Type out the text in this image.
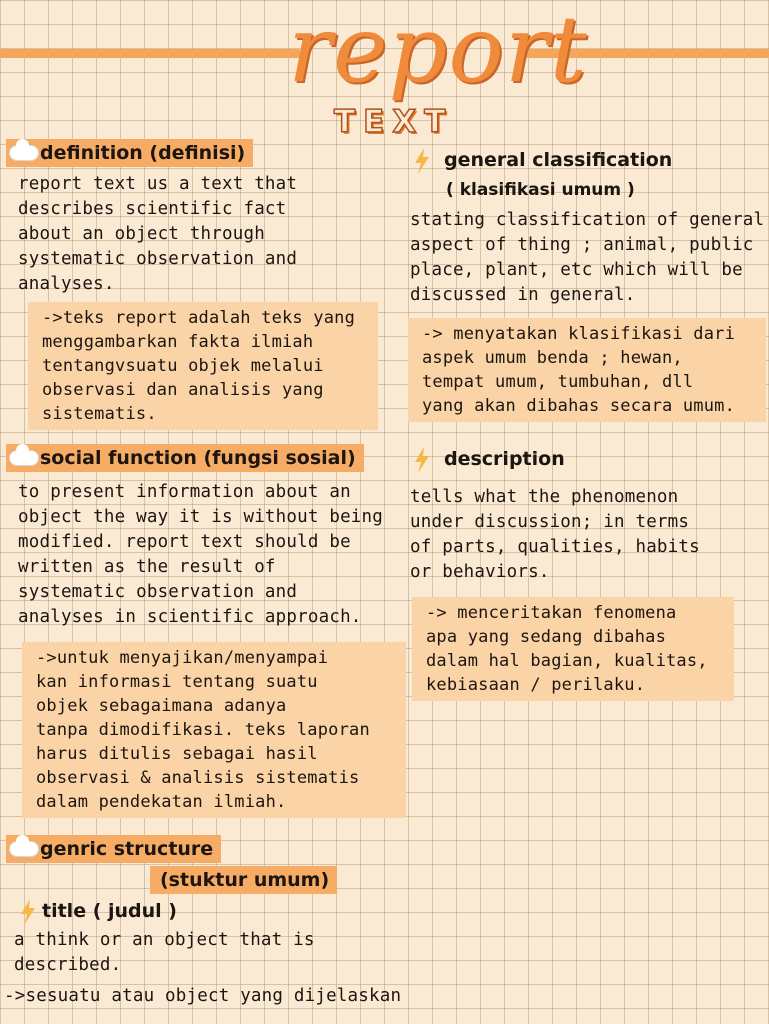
report
TEXT
definition (definisi)
report text us a text that
describes scientific fact
about an object through
systematic observation and
analyses.
->teks report adalah teks yang
menggambarkan fakta ilmiah
tentangvsuatu objek melalui
observasi dan analisis yang
sistematis.
social function (fungsi sosial)
to present information about an
object the way it is without being
modified. report text should be
written as the result of
systematic observation and
analyses in scientific approach.
->untuk menyajikan/menyampai
kan informasi tentang suatu
objek sebagaimana adanya
tanpa dimodifikasi. teks laporan
harus ditulis sebagai hasil
observasi & analisis sistematis
dalam pendekatan ilmiah.
genric structure
(stuktur umum)
title ( judul )
a think or an object that is
described.
->sesuatu atau object yang dijelaskan
general classification
( klasifikasi umum )
stating classification of general
aspect of thing ; animal, public
place, plant, etc which will be
discussed in general.
-> menyatakan klasifikasi dari
aspek umum benda ; hewan,
tempat umum, tumbuhan, dll
yang akan dibahas secara umum.
description
tells what the phenomenon
under discussion; in terms
of parts, qualities, habits
or behaviors.
-> menceritakan fenomena
apa yang sedang dibahas
dalam hal bagian, kualitas,
kebiasaan / perilaku.
